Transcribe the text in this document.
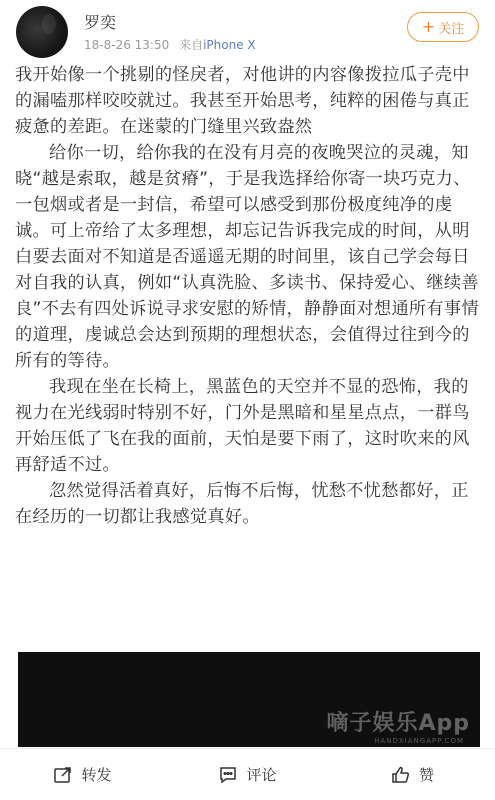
罗奕
18-8-26 13:50 来自iPhone X
+ 关注

我开始像一个挑剔的怪戾者，对他讲的内容像拨拉瓜子壳中的漏嗑那样咬咬就过。我甚至开始思考，纯粹的困倦与真正疲惫的差距。在迷蒙的门缝里兴致盎然

给你一切，给你我的在没有月亮的夜晚哭泣的灵魂，知晓“越是索取，越是贫瘠”，于是我选择给你寄一块巧克力、一包烟或者是一封信，希望可以感受到那份极度纯净的虔诚。可上帝给了太多理想，却忘记告诉我完成的时间，从明白要去面对不知道是否遥遥无期的时间里，该自己学会每日对自我的认真，例如“认真洗脸、多读书、保持爱心、继续善良”不去有四处诉说寻求安慰的矫情，静静面对想通所有事情的道理，虔诚总会达到预期的理想状态，会值得过往到今的所有的等待。

我现在坐在长椅上，黑蓝色的天空并不显的恐怖，我的视力在光线弱时特别不好，门外是黑暗和星星点点，一群鸟开始压低了飞在我的面前，天怕是要下雨了，这时吹来的风再舒适不过。

忽然觉得活着真好，后悔不后悔，忧愁不忧愁都好，正在经历的一切都让我感觉真好。

嘀子娱乐App
HANDXIANGAPP.COM
转发	评论	赞
